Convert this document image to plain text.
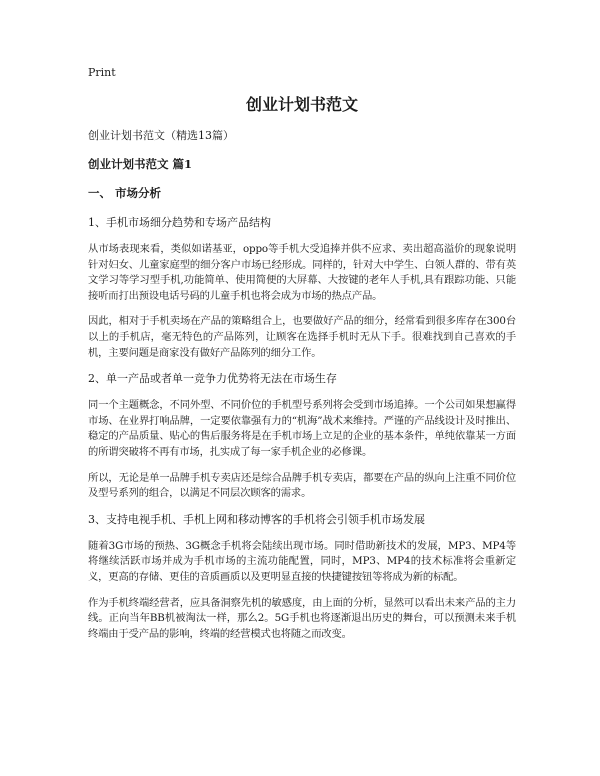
Print
创业计划书范文
创业计划书范文（精选13篇）
创业计划书范文 篇1
一、 市场分析
1、手机市场细分趋势和专场产品结构
从市场表现来看，类似如诺基亚，oppo等手机大受追捧并供不应求、卖出超高溢价的现象说明针对妇女、儿童家庭型的细分客户市场已经形成。同样的，针对大中学生、白领人群的、带有英文学习等学习型手机,功能简单、使用简便的大屏幕、大按键的老年人手机,具有跟踪功能、只能接听而打出预设电话号码的儿童手机也将会成为市场的热点产品。
因此，相对于手机卖场在产品的策略组合上，也要做好产品的细分，经常看到很多库存在300台以上的手机店，毫无特色的产品陈列，让顾客在选择手机时无从下手。很难找到自己喜欢的手机，主要问题是商家没有做好产品陈列的细分工作。
2、单一产品或者单一竞争力优势将无法在市场生存
同一个主题概念，不同外型、不同价位的手机型号系列将会受到市场追捧。一个公司如果想赢得市场、在业界打响品牌，一定要依靠强有力的“机海”战术来维持。严谨的产品线设计及时推出、稳定的产品质量、贴心的售后服务将是在手机市场上立足的企业的基本条件，单纯依靠某一方面的所谓突破将不再有市场，扎实成了每一家手机企业的必修课。
所以，无论是单一品牌手机专卖店还是综合品牌手机专卖店，都要在产品的纵向上注重不同价位及型号系列的组合，以满足不同层次顾客的需求。
3、支持电视手机、手机上网和移动博客的手机将会引领手机市场发展
随着3G市场的预热、3G概念手机将会陆续出现市场。同时借助新技术的发展，MP3、MP4等将继续活跃市场并成为手机市场的主流功能配置，同时，MP3、MP4的技术标准将会重新定义，更高的存储、更佳的音质画质以及更明显直接的快捷键按钮等将成为新的标配。
作为手机终端经营者，应具备洞察先机的敏感度，由上面的分析，显然可以看出未来产品的主力线。正向当年BB机被淘汰一样，那么2。5G手机也将逐渐退出历史的舞台，可以预测未来手机终端由于受产品的影响，终端的经营模式也将随之而改变。
